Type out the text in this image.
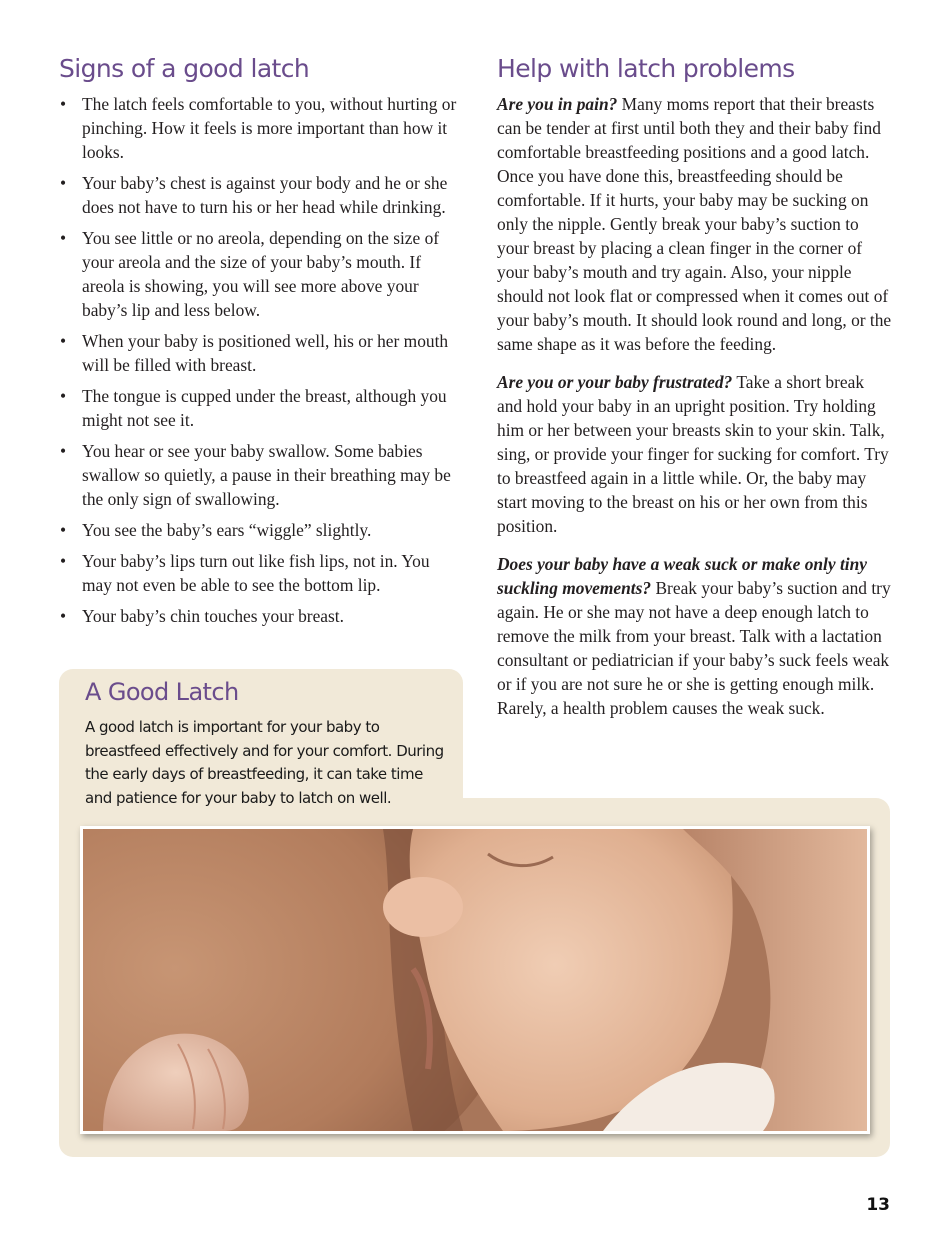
Signs of a good latch
• The latch feels comfortable to you, without hurting or pinching. How it feels is more important than how it looks.
• Your baby’s chest is against your body and he or she does not have to turn his or her head while drinking.
• You see little or no areola, depending on the size of your areola and the size of your baby’s mouth. If areola is showing, you will see more above your baby’s lip and less below.
• When your baby is positioned well, his or her mouth will be filled with breast.
• The tongue is cupped under the breast, although you might not see it.
• You hear or see your baby swallow. Some babies swallow so quietly, a pause in their breathing may be the only sign of swallowing.
• You see the baby’s ears “wiggle” slightly.
• Your baby’s lips turn out like fish lips, not in. You may not even be able to see the bottom lip.
• Your baby’s chin touches your breast.
Help with latch problems

Are you in pain? Many moms report that their breasts can be tender at first until both they and their baby find comfortable breastfeeding positions and a good latch. Once you have done this, breastfeeding should be comfortable. If it hurts, your baby may be sucking on only the nipple. Gently break your baby’s suction to your breast by placing a clean finger in the corner of your baby’s mouth and try again. Also, your nipple should not look flat or compressed when it comes out of your baby’s mouth. It should look round and long, or the same shape as it was before the feeding.

Are you or your baby frustrated? Take a short break and hold your baby in an upright position. Try holding him or her between your breasts skin to your skin. Talk, sing, or provide your finger for sucking for comfort. Try to breastfeed again in a little while. Or, the baby may start moving to the breast on his or her own from this position.

Does your baby have a weak suck or make only tiny suckling movements? Break your baby’s suction and try again. He or she may not have a deep enough latch to remove the milk from your breast. Talk with a lactation consultant or pediatrician if your baby’s suck feels weak or if you are not sure he or she is getting enough milk. Rarely, a health problem causes the weak suck.

A Good Latch

A good latch is important for your baby to breastfeed effectively and for your comfort. During the early days of breastfeeding, it can take time and patience for your baby to latch on well.

13
